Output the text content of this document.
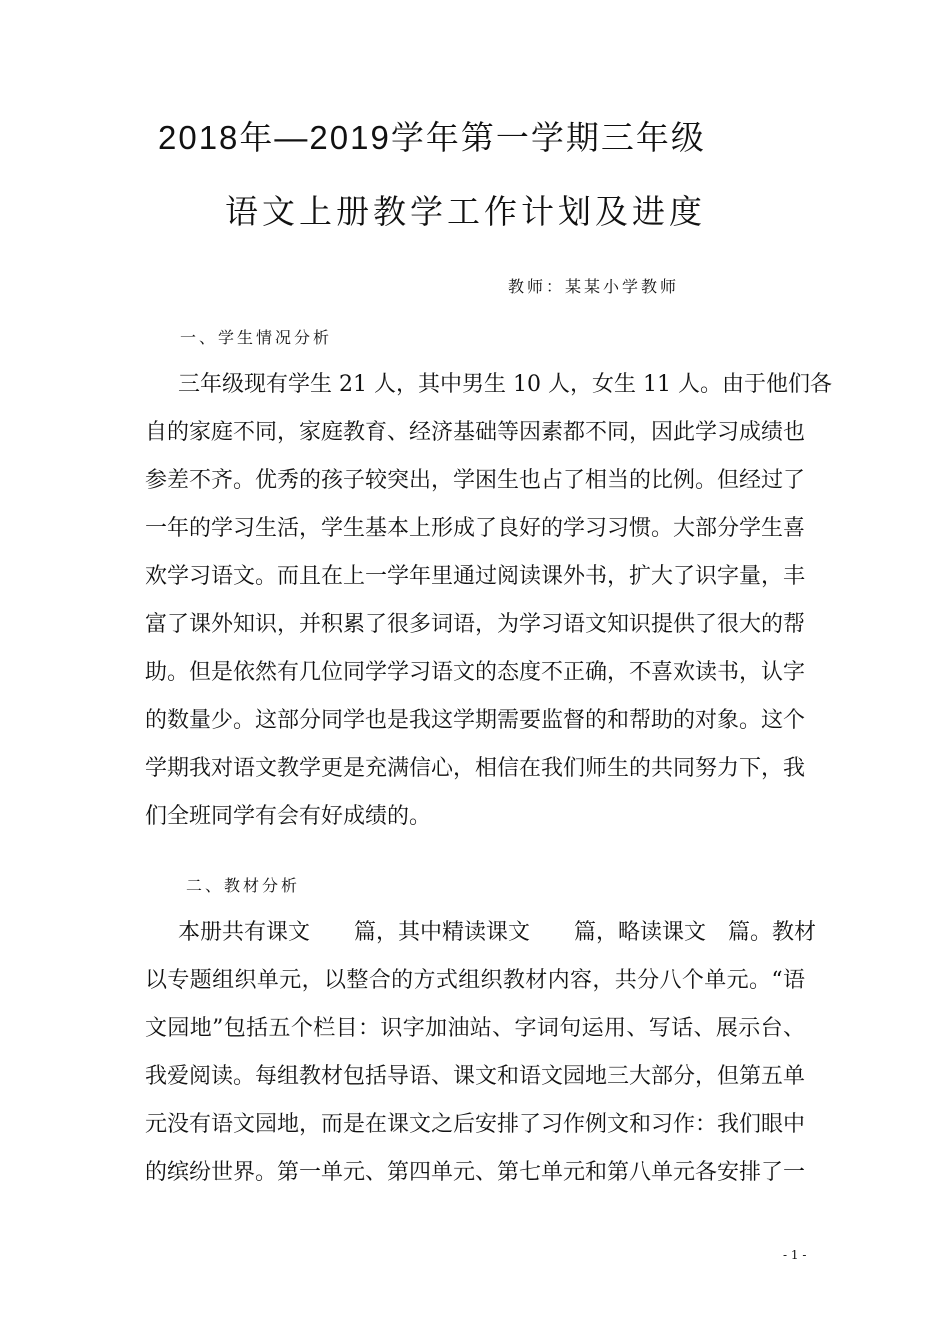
2018年—2019学年第一学期三年级
语文上册教学工作计划及进度
教师：某某小学教师
一、学生情况分析
三年级现有学生 21 人，其中男生 10 人，女生 11 人。由于他们各
自的家庭不同，家庭教育、经济基础等因素都不同，因此学习成绩也
参差不齐。优秀的孩子较突出，学困生也占了相当的比例。但经过了
一年的学习生活，学生基本上形成了良好的学习习惯。大部分学生喜
欢学习语文。而且在上一学年里通过阅读课外书，扩大了识字量，丰
富了课外知识，并积累了很多词语，为学习语文知识提供了很大的帮
助。但是依然有几位同学学习语文的态度不正确，不喜欢读书，认字
的数量少。这部分同学也是我这学期需要监督的和帮助的对象。这个
学期我对语文教学更是充满信心，相信在我们师生的共同努力下，我
们全班同学有会有好成绩的。
二、教材分析
本册共有课文　　篇，其中精读课文　　篇，略读课文　篇。教材
以专题组织单元，以整合的方式组织教材内容，共分八个单元。“语
文园地”包括五个栏目：识字加油站、字词句运用、写话、展示台、
我爱阅读。每组教材包括导语、课文和语文园地三大部分，但第五单
元没有语文园地，而是在课文之后安排了习作例文和习作：我们眼中
的缤纷世界。第一单元、第四单元、第七单元和第八单元各安排了一
- 1 -
